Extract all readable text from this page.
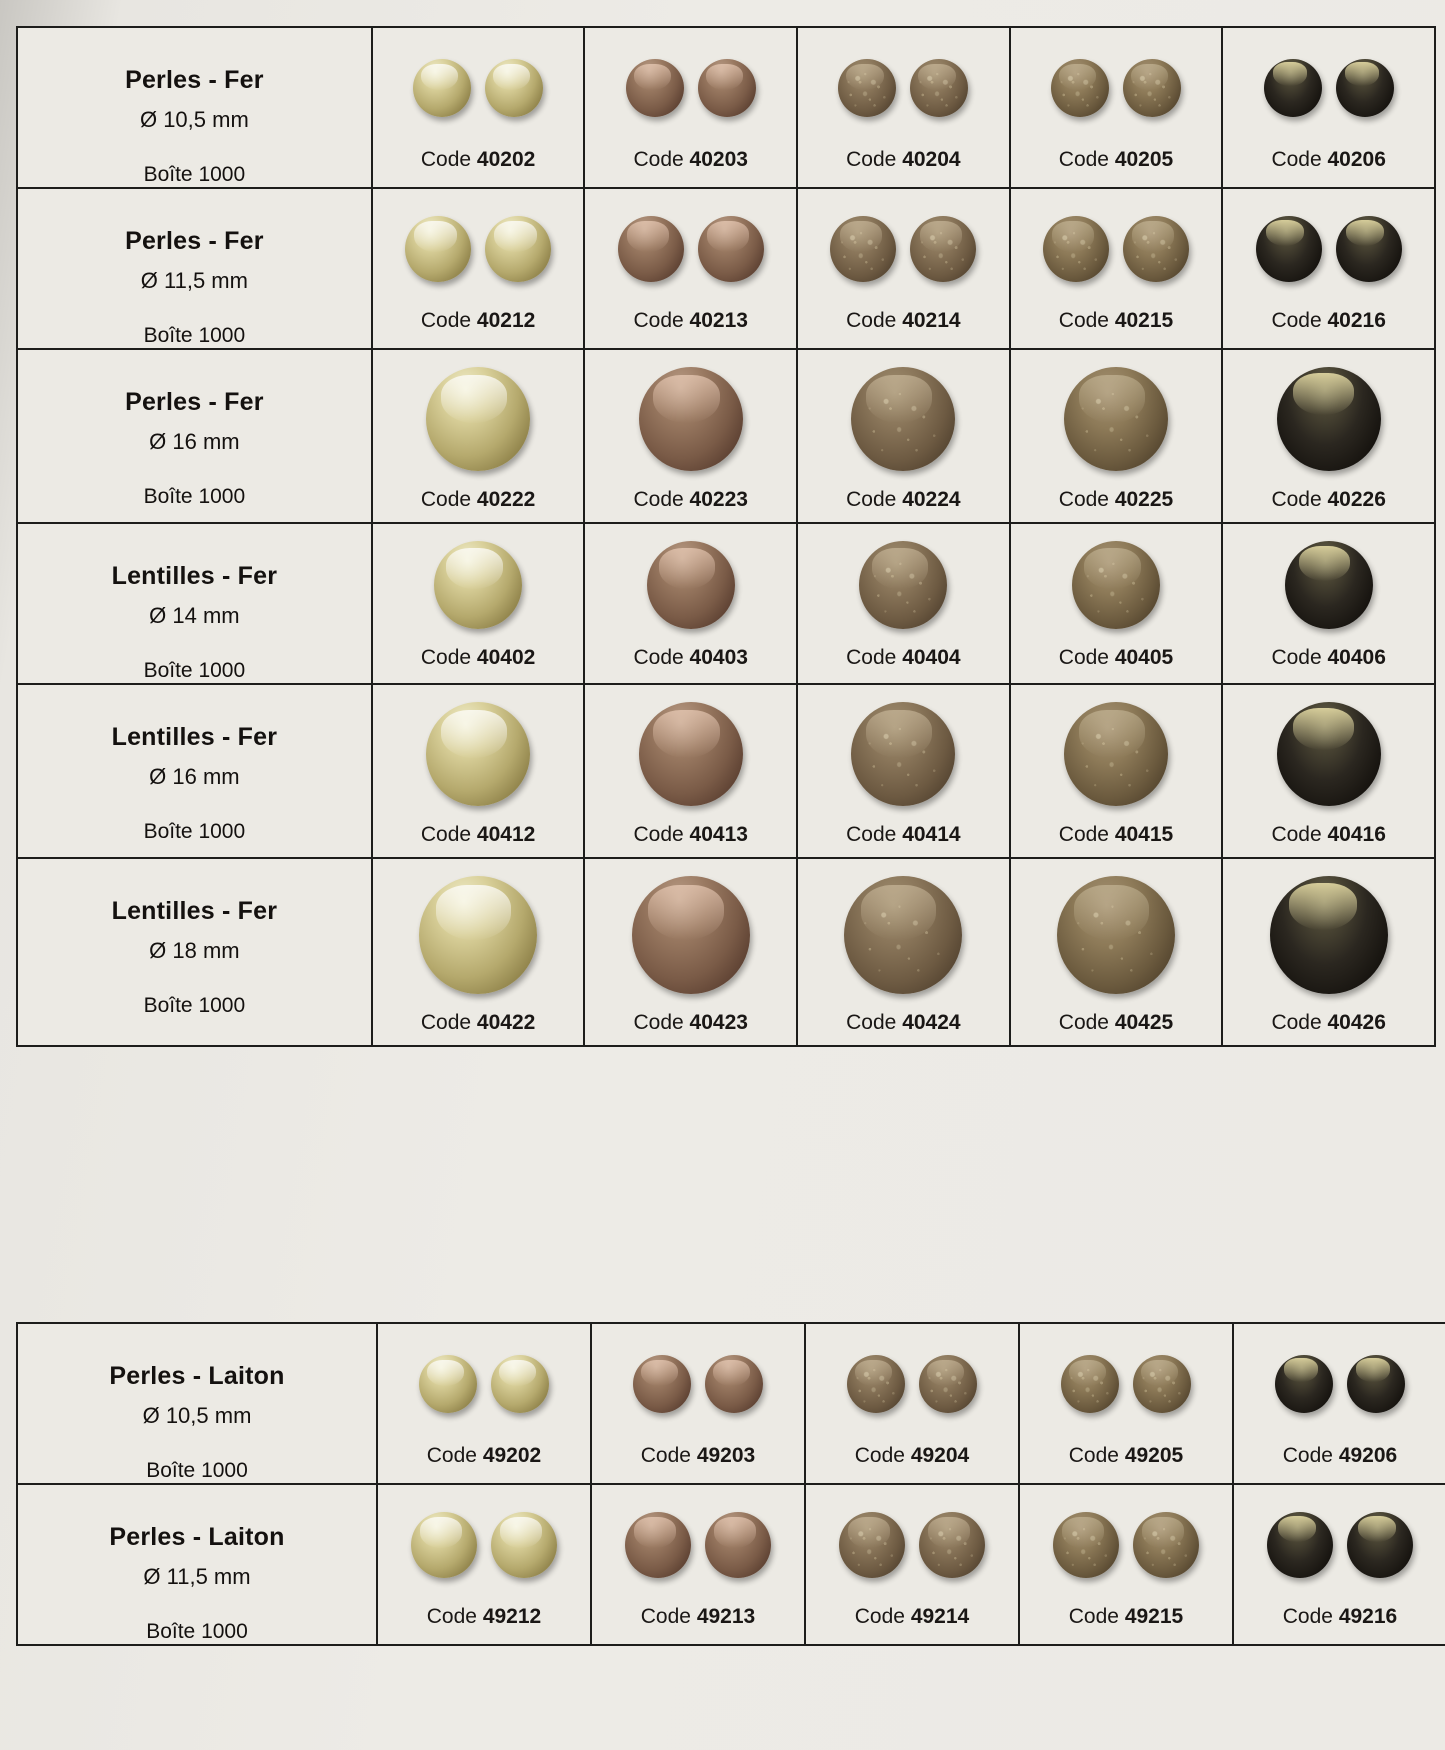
Perles - Fer
Ø 10,5 mm
Boîte 1000	Code 40202	Code 40203	Code 40204	Code 40205	Code 40206

Perles - Fer
Ø 11,5 mm
Boîte 1000	Code 40212	Code 40213	Code 40214	Code 40215	Code 40216

Perles - Fer
Ø 16 mm
Boîte 1000	Code 40222	Code 40223	Code 40224	Code 40225	Code 40226

Lentilles - Fer
Ø 14 mm
Boîte 1000	Code 40402	Code 40403	Code 40404	Code 40405	Code 40406

Lentilles - Fer
Ø 16 mm
Boîte 1000	Code 40412	Code 40413	Code 40414	Code 40415	Code 40416

Lentilles - Fer
Ø 18 mm
Boîte 1000	Code 40422	Code 40423	Code 40424	Code 40425	Code 40426
Perles - Laiton
Ø 10,5 mm
Boîte 1000	Code 49202	Code 49203	Code 49204	Code 49205	Code 49206

Perles - Laiton
Ø 11,5 mm
Boîte 1000	Code 49212	Code 49213	Code 49214	Code 49215	Code 49216
